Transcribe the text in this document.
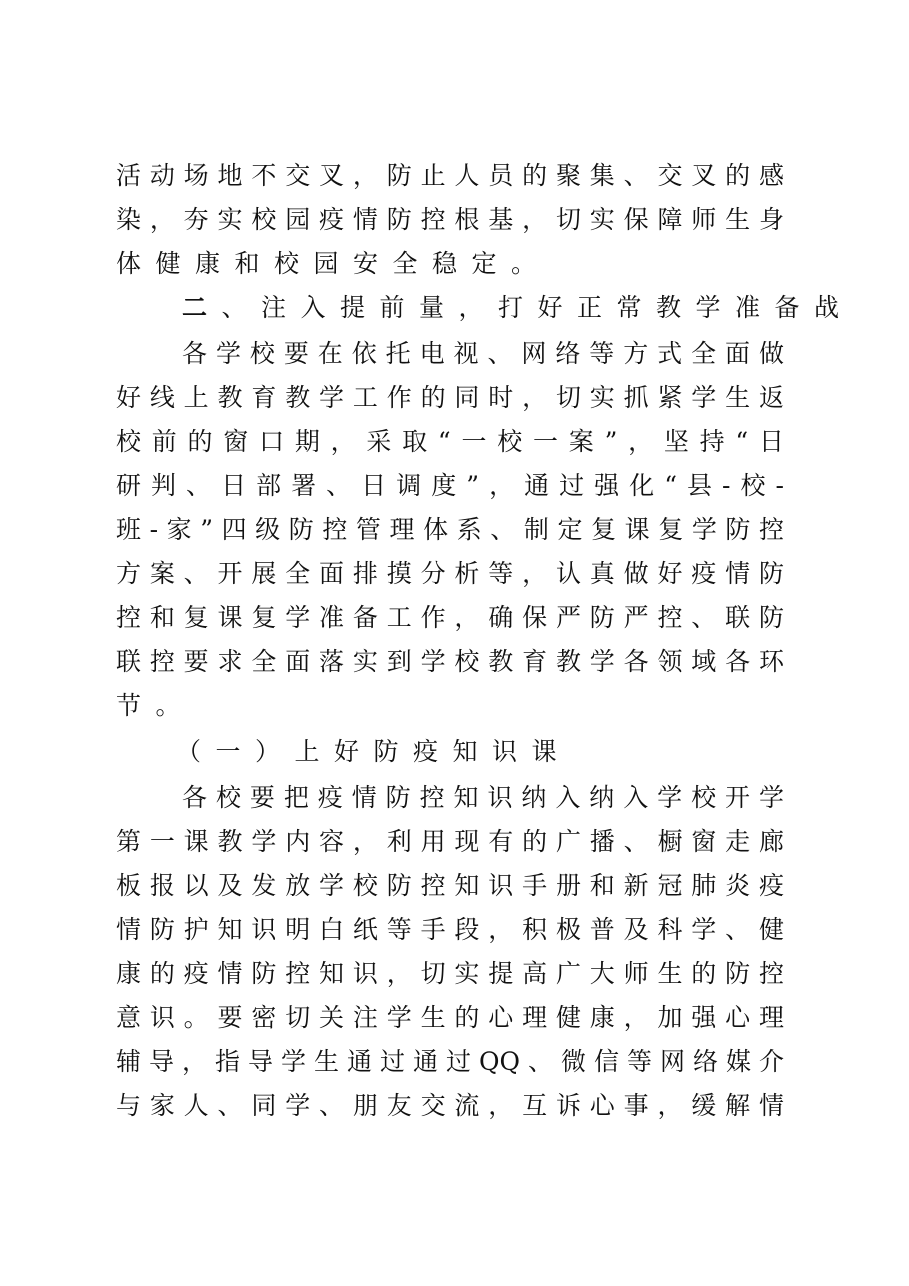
活动场地不交叉，防止人员的聚集、交叉的感
染，夯实校园疫情防控根基，切实保障师生身
体健康和校园安全稳定。
二、注入提前量，打好正常教学准备战
各学校要在依托电视、网络等方式全面做
好线上教育教学工作的同时，切实抓紧学生返
校前的窗口期，采取“一校一案”，坚持“日
研判、日部署、日调度”，通过强化“县-校-
班-家”四级防控管理体系、制定复课复学防控
方案、开展全面排摸分析等，认真做好疫情防
控和复课复学准备工作，确保严防严控、联防
联控要求全面落实到学校教育教学各领域各环
节。
（一）上好防疫知识课
各校要把疫情防控知识纳入纳入学校开学
第一课教学内容，利用现有的广播、橱窗走廊
板报以及发放学校防控知识手册和新冠肺炎疫
情防护知识明白纸等手段，积极普及科学、健
康的疫情防控知识，切实提高广大师生的防控
意识。要密切关注学生的心理健康，加强心理
辅导，指导学生通过通过QQ、微信等网络媒介
与家人、同学、朋友交流，互诉心事，缓解情
